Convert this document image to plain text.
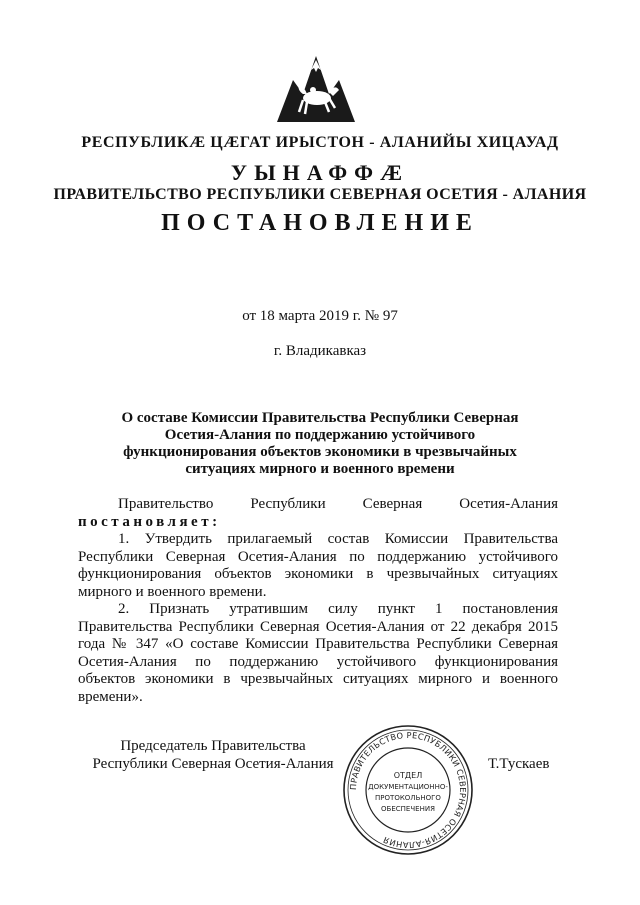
РЕСПУБЛИКӔ ЦӔГАТ ИРЫСТОН - АЛАНИЙЫ ХИЦАУАД
УЫНАФФӔ
ПРАВИТЕЛЬСТВО РЕСПУБЛИКИ СЕВЕРНАЯ ОСЕТИЯ - АЛАНИЯ
ПОСТАНОВЛЕНИЕ
от 18 марта 2019 г. № 97
г. Владикавказ
О составе Комиссии Правительства Республики Северная Осетия-Алания по поддержанию устойчивого функционирования объектов экономики в чрезвычайных ситуациях мирного и военного времени

Правительство Республики Северная Осетия-Алания

постановляет:

1. Утвердить прилагаемый состав Комиссии Правительства Республики Северная Осетия-Алания по поддержанию устойчивого функционирования объектов экономики в чрезвычайных ситуациях мирного и военного времени.

2. Признать утратившим силу пункт 1 постановления Правительства Республики Северная Осетия-Алания от 22 декабря 2015 года № 347 «О составе Комиссии Правительства Республики Северная Осетия-Алания по поддержанию устойчивого функционирования объектов экономики в чрезвычайных ситуациях мирного и военного времени».

Председатель Правительства
Республики Северная Осетия-Алания
ПРАВИТЕЛЬСТВО РЕСПУБЛИКИ СЕВЕРНАЯ ОСЕТИЯ-АЛАНИЯ
ОТДЕЛ
ДОКУМЕНТАЦИОННО-
ПРОТОКОЛЬНОГО
ОБЕСПЕЧЕНИЯ
Т.Тускаев
